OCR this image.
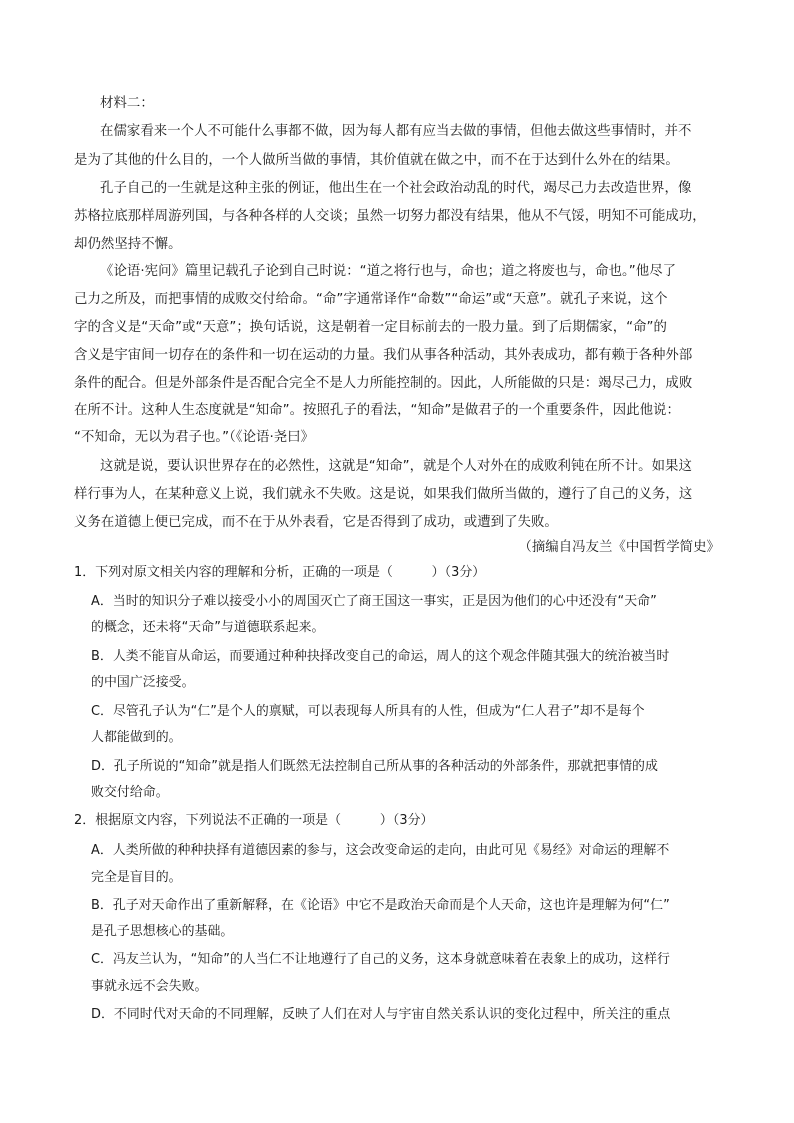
材料二：
在儒家看来一个人不可能什么事都不做，因为每人都有应当去做的事情，但他去做这些事情时，并不
是为了其他的什么目的，一个人做所当做的事情，其价值就在做之中，而不在于达到什么外在的结果。
孔子自己的一生就是这种主张的例证，他出生在一个社会政治动乱的时代，竭尽己力去改造世界，像
苏格拉底那样周游列国，与各种各样的人交谈；虽然一切努力都没有结果，他从不气馁，明知不可能成功，
却仍然坚持不懈。
《论语·宪问》篇里记载孔子论到自己时说：“道之将行也与，命也；道之将废也与，命也。”他尽了
己力之所及，而把事情的成败交付给命。“命”字通常译作“命数”“命运”或“天意”。就孔子来说，这个
字的含义是“天命”或“天意”；换句话说，这是朝着一定目标前去的一股力量。到了后期儒家，“命”的
含义是宇宙间一切存在的条件和一切在运动的力量。我们从事各种活动，其外表成功，都有赖于各种外部
条件的配合。但是外部条件是否配合完全不是人力所能控制的。因此，人所能做的只是：竭尽己力，成败
在所不计。这种人生态度就是“知命”。按照孔子的看法，“知命”是做君子的一个重要条件，因此他说：
“不知命，无以为君子也。”（《论语·尧曰》
这就是说，要认识世界存在的必然性，这就是“知命”，就是个人对外在的成败利钝在所不计。如果这
样行事为人，在某种意义上说，我们就永不失败。这是说，如果我们做所当做的，遵行了自己的义务，这
义务在道德上便已完成，而不在于从外表看，它是否得到了成功，或遭到了失败。
（摘编自冯友兰《中国哲学简史》
1．下列对原文相关内容的理解和分析，正确的一项是（　　　）（3分）
A．当时的知识分子难以接受小小的周国灭亡了商王国这一事实，正是因为他们的心中还没有“天命”
的概念，还未将“天命”与道德联系起来。
B．人类不能盲从命运，而要通过种种抉择改变自己的命运，周人的这个观念伴随其强大的统治被当时
的中国广泛接受。
C．尽管孔子认为“仁”是个人的禀赋，可以表现每人所具有的人性，但成为“仁人君子”却不是每个
人都能做到的。
D．孔子所说的“知命”就是指人们既然无法控制自己所从事的各种活动的外部条件，那就把事情的成
败交付给命。
2．根据原文内容，下列说法不正确的一项是（　　　）（3分）
A．人类所做的种种抉择有道德因素的参与，这会改变命运的走向，由此可见《易经》对命运的理解不
完全是盲目的。
B．孔子对天命作出了重新解释，在《论语》中它不是政治天命而是个人天命，这也许是理解为何“仁”
是孔子思想核心的基础。
C．冯友兰认为，“知命”的人当仁不让地遵行了自己的义务，这本身就意味着在表象上的成功，这样行
事就永远不会失败。
D．不同时代对天命的不同理解，反映了人们在对人与宇宙自然关系认识的变化过程中，所关注的重点
